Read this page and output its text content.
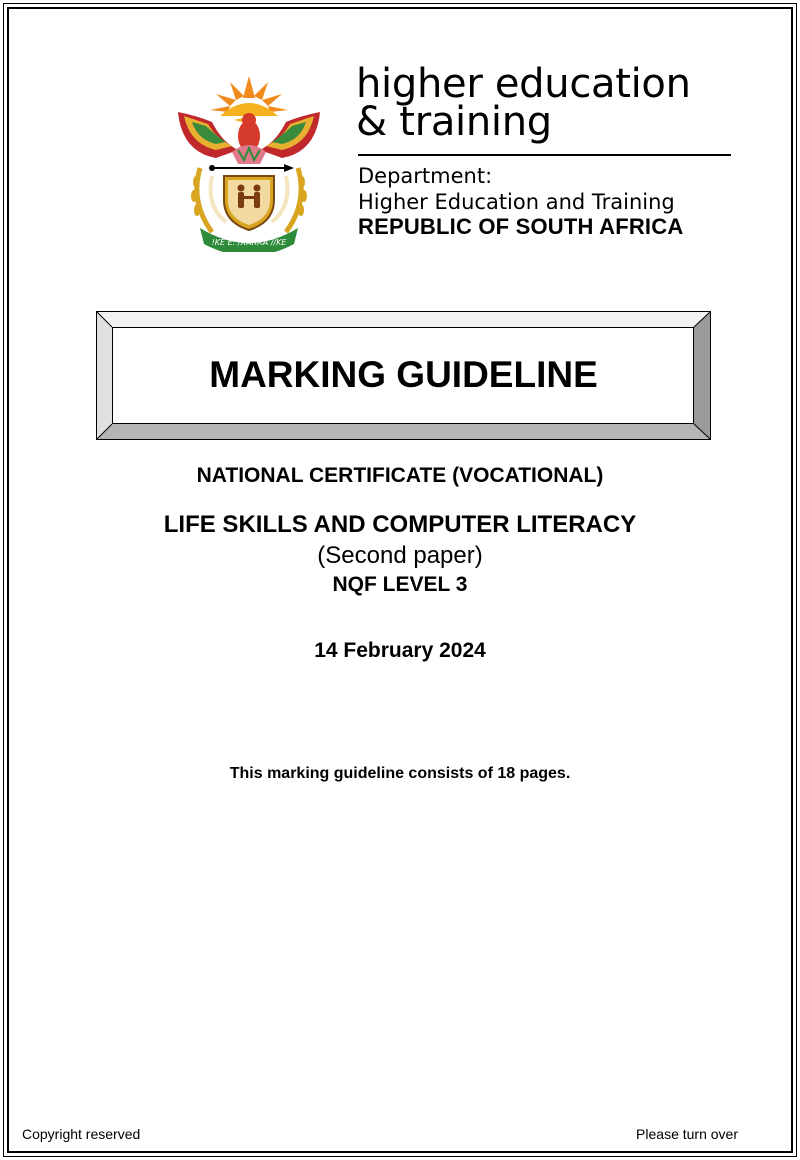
!KE E: /XARRA //KE
higher education
& training
Department:
Higher Education and Training
REPUBLIC OF SOUTH AFRICA
MARKING GUIDELINE
NATIONAL CERTIFICATE (VOCATIONAL)
LIFE SKILLS AND COMPUTER LITERACY
(Second paper)
NQF LEVEL 3
14 February 2024
This marking guideline consists of 18 pages.
Copyright reserved	Please turn over
